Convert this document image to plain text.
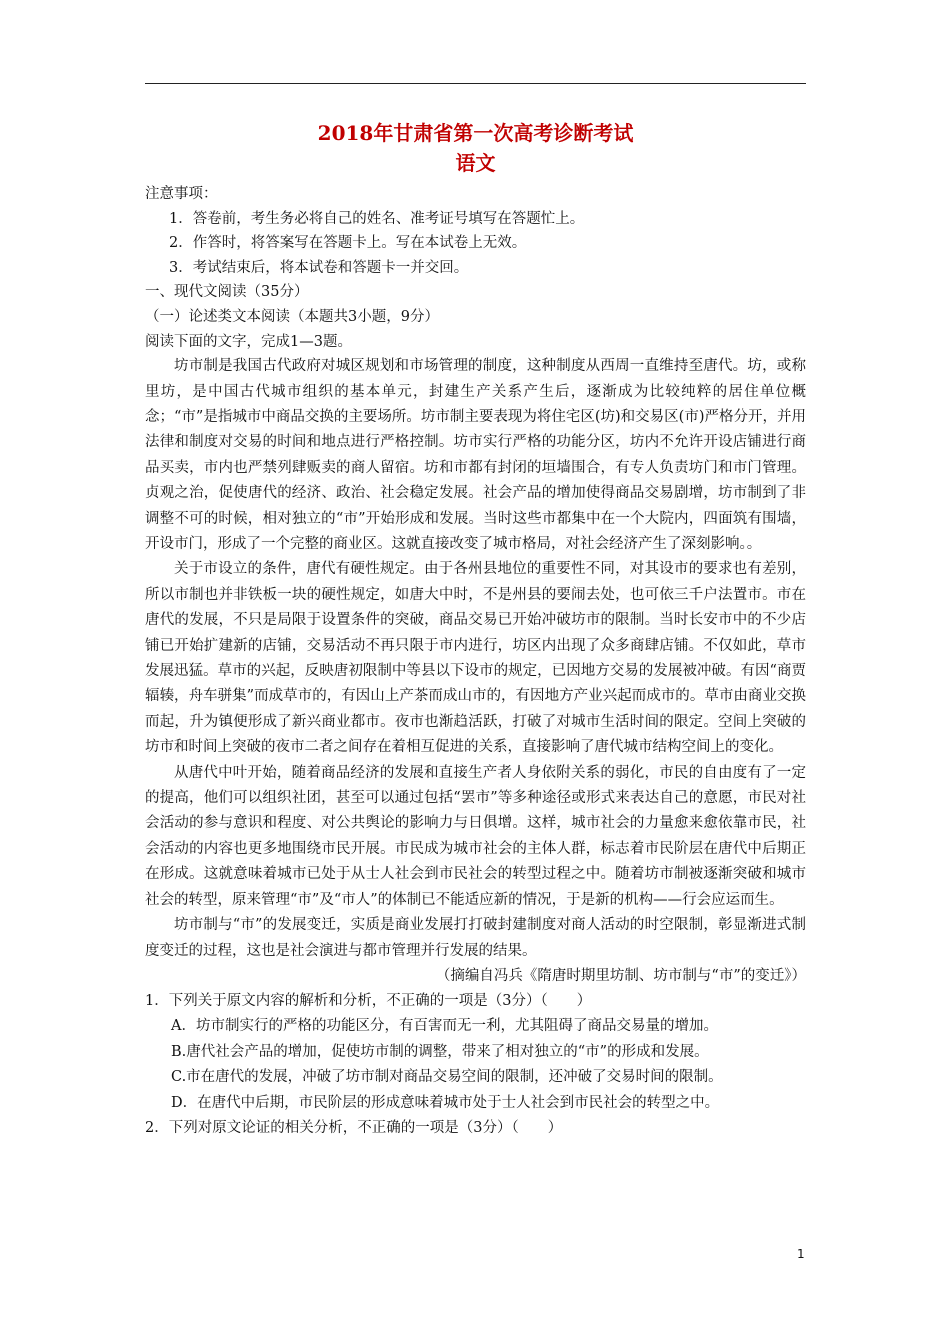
2018年甘肃省第一次高考诊断考试
语文

注意事项：

1．答卷前，考生务必将自己的姓名、准考证号填写在答题忙上。

2．作答时，将答案写在答题卡上。写在本试卷上无效。

3．考试结束后，将本试卷和答题卡一并交回。

一、现代文阅读（35分）

（一）论述类文本阅读（本题共3小题，9分）

阅读下面的文字，完成1—3题。

坊市制是我国古代政府对城区规划和市场管理的制度，这种制度从西周一直维持至唐代。坊，或称里坊，是中国古代城市组织的基本单元，封建生产关系产生后，逐渐成为比较纯粹的居住单位概念；“市”是指城市中商品交换的主要场所。坊市制主要表现为将住宅区(坊)和交易区(市)严格分开，并用法律和制度对交易的时间和地点进行严格控制。坊市实行严格的功能分区，坊内不允许开设店铺进行商品买卖，市内也严禁列肆贩卖的商人留宿。坊和市都有封闭的垣墙围合，有专人负责坊门和市门管理。贞观之治，促使唐代的经济、政治、社会稳定发展。社会产品的增加使得商品交易剧增，坊市制到了非调整不可的时候，相对独立的“市”开始形成和发展。当时这些市都集中在一个大院内，四面筑有围墙，开设市门，形成了一个完整的商业区。这就直接改变了城市格局，对社会经济产生了深刻影响。。

关于市设立的条件，唐代有硬性规定。由于各州县地位的重要性不同，对其设市的要求也有差别，所以市制也并非铁板一块的硬性规定，如唐大中时，不是州县的要闹去处，也可依三千户法置市。市在唐代的发展，不只是局限于设置条件的突破，商品交易已开始冲破坊市的限制。当时长安市中的不少店铺已开始扩建新的店铺，交易活动不再只限于市内进行，坊区内出现了众多商肆店铺。不仅如此，草市发展迅猛。草市的兴起，反映唐初限制中等县以下设市的规定，已因地方交易的发展被冲破。有因“商贾辐辏，舟车骈集”而成草市的，有因山上产茶而成山市的，有因地方产业兴起而成市的。草市由商业交换而起，升为镇便形成了新兴商业都市。夜市也渐趋活跃，打破了对城市生活时间的限定。空间上突破的坊市和时间上突破的夜市二者之间存在着相互促进的关系，直接影响了唐代城市结构空间上的变化。

从唐代中叶开始，随着商品经济的发展和直接生产者人身依附关系的弱化，市民的自由度有了一定的提高，他们可以组织社团，甚至可以通过包括“罢市”等多种途径或形式来表达自己的意愿，市民对社会活动的参与意识和程度、对公共舆论的影响力与日俱增。这样，城市社会的力量愈来愈依靠市民，社会活动的内容也更多地围绕市民开展。市民成为城市社会的主体人群，标志着市民阶层在唐代中后期正在形成。这就意味着城市已处于从士人社会到市民社会的转型过程之中。随着坊市制被逐渐突破和城市社会的转型，原来管理“市”及“市人”的体制已不能适应新的情况，于是新的机构——行会应运而生。

坊市制与“市”的发展变迁，实质是商业发展打打破封建制度对商人活动的时空限制，彰显渐进式制度变迁的过程，这也是社会演进与都市管理并行发展的结果。

（摘编自冯兵《隋唐时期里坊制、坊市制与“市”的变迁》）

1．下列关于原文内容的解析和分析，不正确的一项是（3分）（　　）

A．坊市制实行的严格的功能区分，有百害而无一利，尤其阻碍了商品交易量的增加。

B.唐代社会产品的增加，促使坊市制的调整，带来了相对独立的“市”的形成和发展。

C.市在唐代的发展，冲破了坊市制对商品交易空间的限制，还冲破了交易时间的限制。

D．在唐代中后期，市民阶层的形成意味着城市处于士人社会到市民社会的转型之中。

2．下列对原文论证的相关分析，不正确的一项是（3分）（　　）

1
